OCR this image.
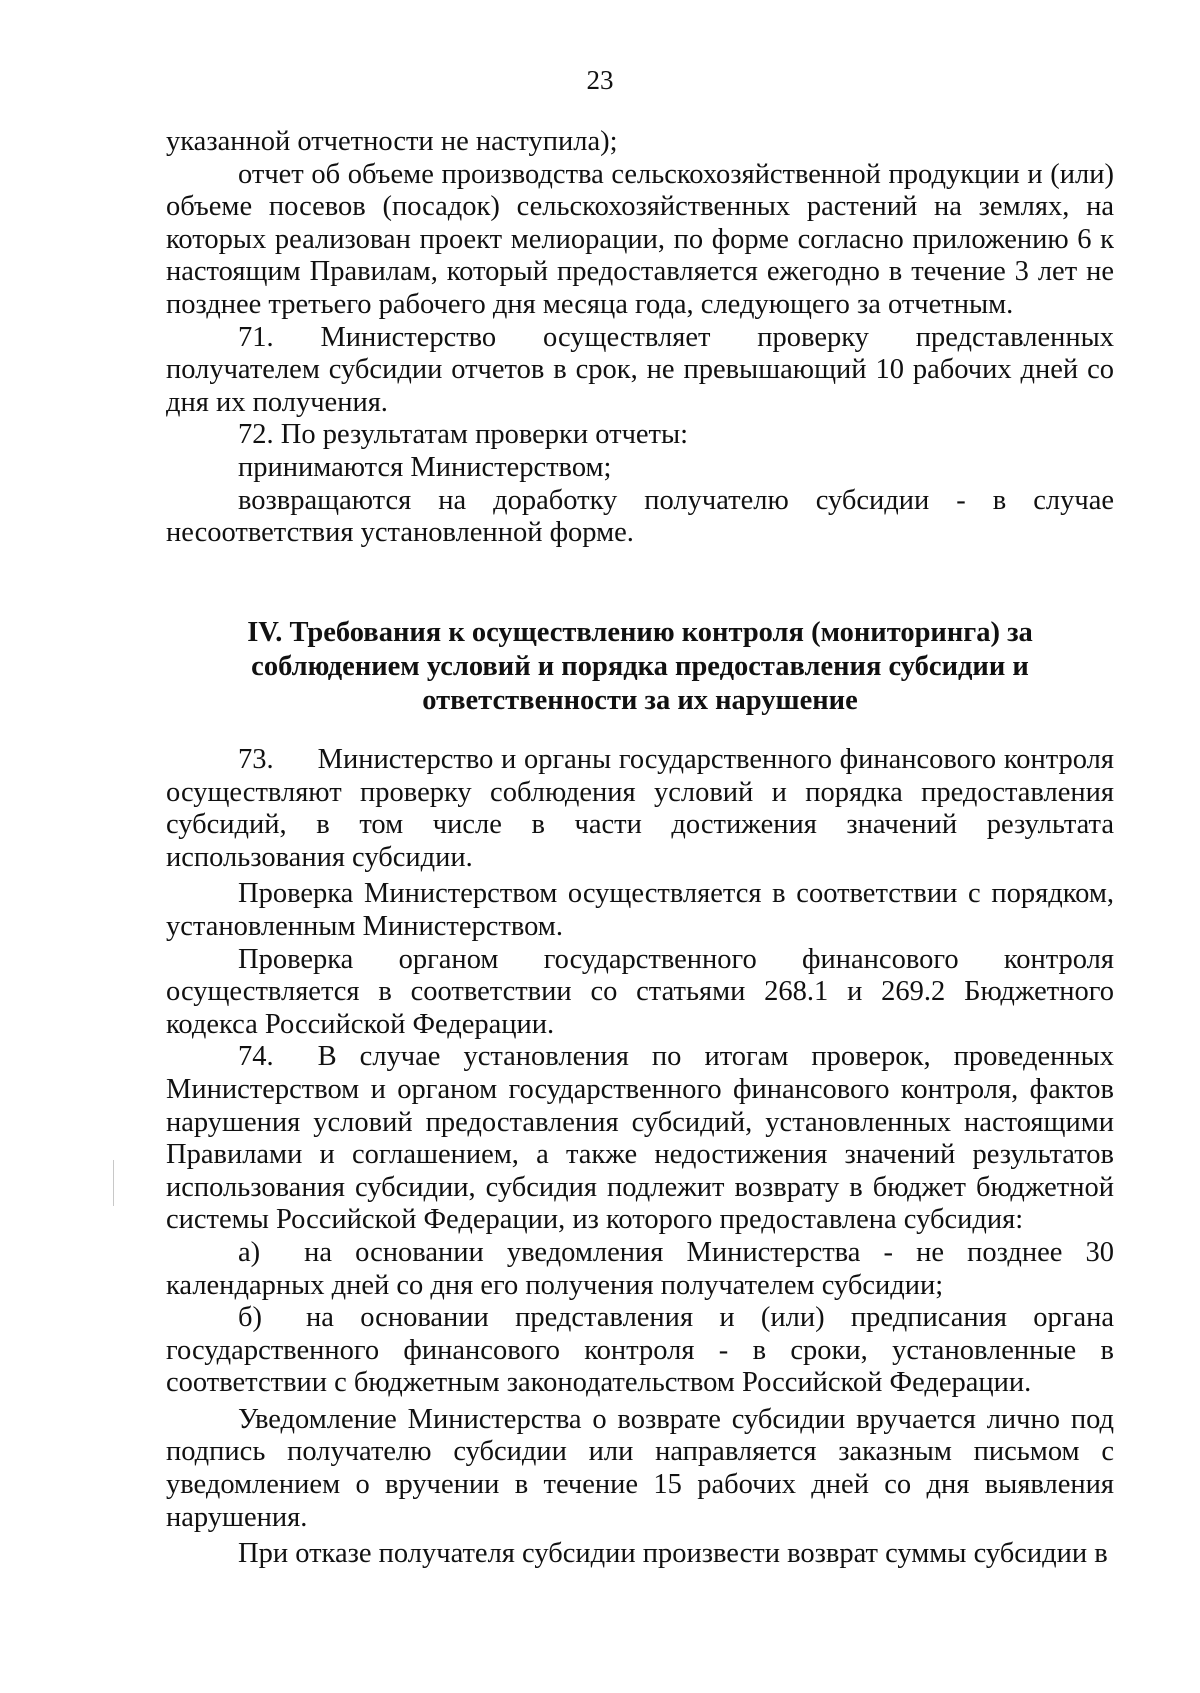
23

указанной отчетности не наступила);

отчет об объеме производства сельскохозяйственной продукции и (или) объеме посевов (посадок) сельскохозяйственных растений на землях, на которых реализован проект мелиорации, по форме согласно приложению 6 к настоящим Правилам, который предоставляется ежегодно в течение 3 лет не позднее третьего рабочего дня месяца года, следующего за отчетным.

71. Министерство осуществляет проверку представленных получателем субсидии отчетов в срок, не превышающий 10 рабочих дней со дня их получения.

72. По результатам проверки отчеты:

принимаются Министерством;

возвращаются на доработку получателю субсидии - в случае несоответствия установленной форме.

IV. Требования к осуществлению контроля (мониторинга) за
соблюдением условий и порядка предоставления субсидии и
ответственности за их нарушение

73. Министерство и органы государственного финансового контроля осуществляют проверку соблюдения условий и порядка предоставления субсидий, в том числе в части достижения значений результата использования субсидии.

Проверка Министерством осуществляется в соответствии с порядком, установленным Министерством.

Проверка органом государственного финансового контроля осуществляется в соответствии со статьями 268.1 и 269.2 Бюджетного кодекса Российской Федерации.

74. В случае установления по итогам проверок, проведенных Министерством и органом государственного финансового контроля, фактов нарушения условий предоставления субсидий, установленных настоящими Правилами и соглашением, а также недостижения значений результатов использования субсидии, субсидия подлежит возврату в бюджет бюджетной системы Российской Федерации, из которого предоставлена субсидия:

а) на основании уведомления Министерства - не позднее 30 календарных дней со дня его получения получателем субсидии;

б) на основании представления и (или) предписания органа государственного финансового контроля - в сроки, установленные в соответствии с бюджетным законодательством Российской Федерации.

Уведомление Министерства о возврате субсидии вручается лично под подпись получателю субсидии или направляется заказным письмом с уведомлением о вручении в течение 15 рабочих дней со дня выявления нарушения.

При отказе получателя субсидии произвести возврат суммы субсидии в
